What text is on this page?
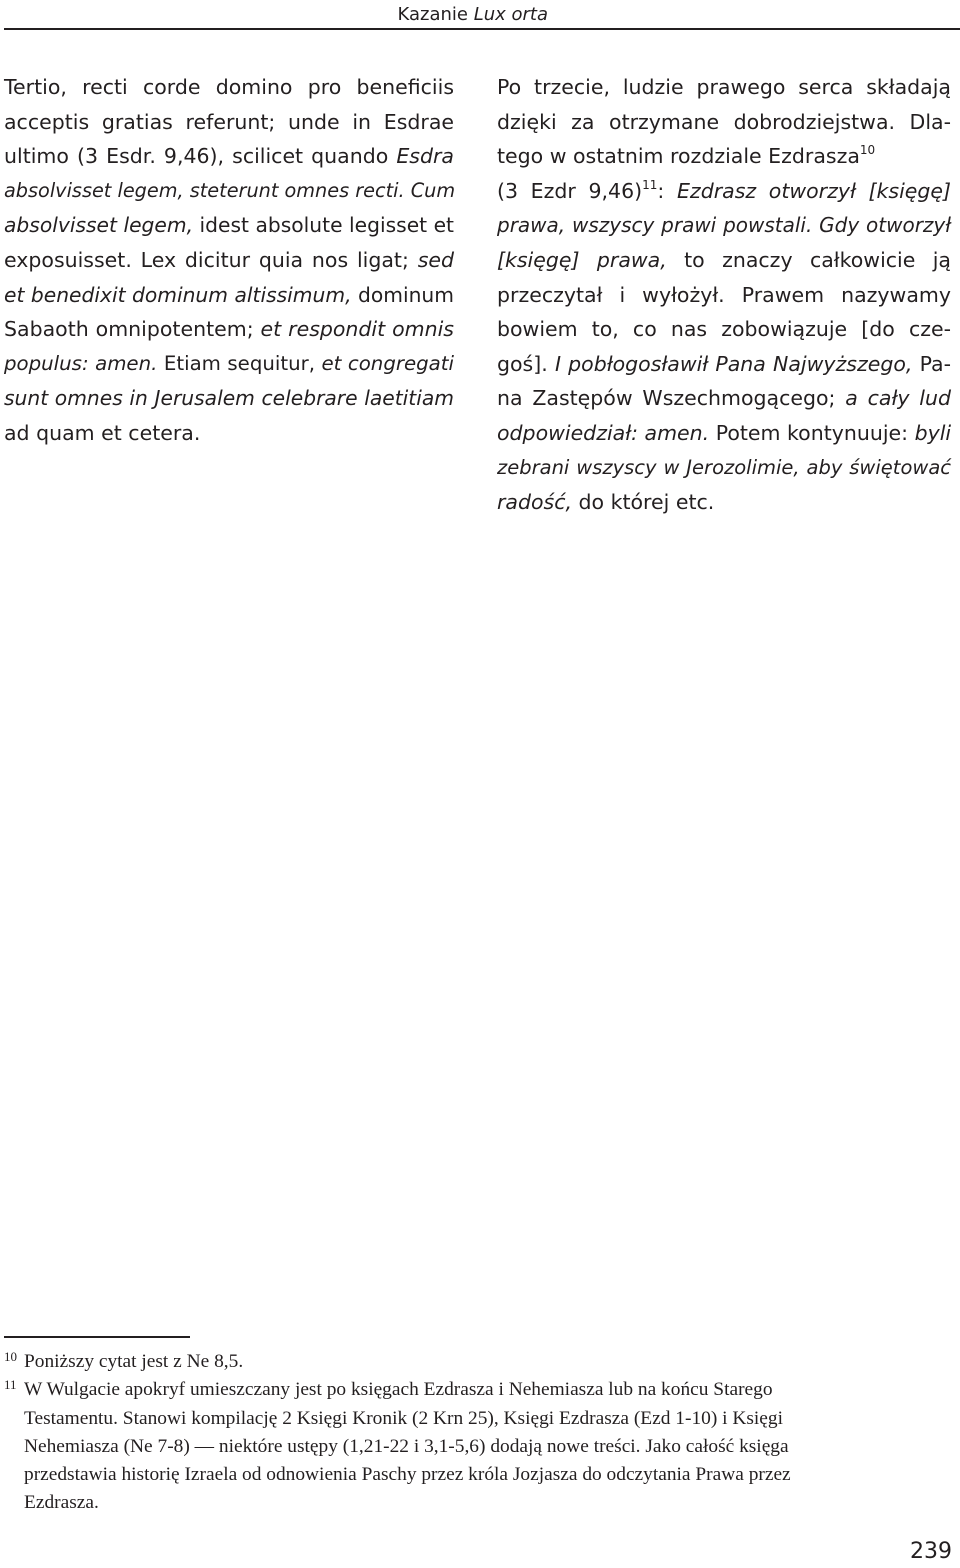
Kazanie Lux orta
Tertio, recti corde domino pro beneficiis
acceptis gratias referunt; unde in Esdrae
ultimo (3 Esdr. 9,46), scilicet quando Esdra
absolvisset legem, steterunt omnes recti. Cum
absolvisset legem, idest absolute legisset et
exposuisset. Lex dicitur quia nos ligat; sed
et benedixit dominum altissimum, dominum
Sabaoth omnipotentem; et respondit omnis
populus: amen. Etiam sequitur, et congregati
sunt omnes in Jerusalem celebrare laetitiam
ad quam et cetera.
Po trzecie, ludzie prawego serca składają
dzięki za otrzymane dobrodziejstwa. Dla-
tego w ostatnim rozdziale Ezdrasza$^{10}$
(3 Ezdr 9,46)$^{11}$: Ezdrasz otworzył [księgę]
prawa, wszyscy prawi powstali. Gdy otworzył
[księgę] prawa, to znaczy całkowicie ją
przeczytał i wyłożył. Prawem nazywamy
bowiem to, co nas zobowiązuje [do cze-
goś]. I pobłogosławił Pana Najwyższego, Pa-
na Zastępów Wszechmogącego; a cały lud
odpowiedział: amen. Potem kontynuuje: byli
zebrani wszyscy w Jerozolimie, aby świętować
radość, do której etc.
10 Poniższy cytat jest z Ne 8,5.
11 W Wulgacie apokryf umieszczany jest po księgach Ezdrasza i Nehemiasza lub na końcu Starego
Testamentu. Stanowi kompilację 2 Księgi Kronik (2 Krn 25), Księgi Ezdrasza (Ezd 1-10) i Księgi
Nehemiasza (Ne 7-8) — niektóre ustępy (1,21-22 i 3,1-5,6) dodają nowe treści. Jako całość księga
przedstawia historię Izraela od odnowienia Paschy przez króla Jozjasza do odczytania Prawa przez
Ezdrasza.
239
